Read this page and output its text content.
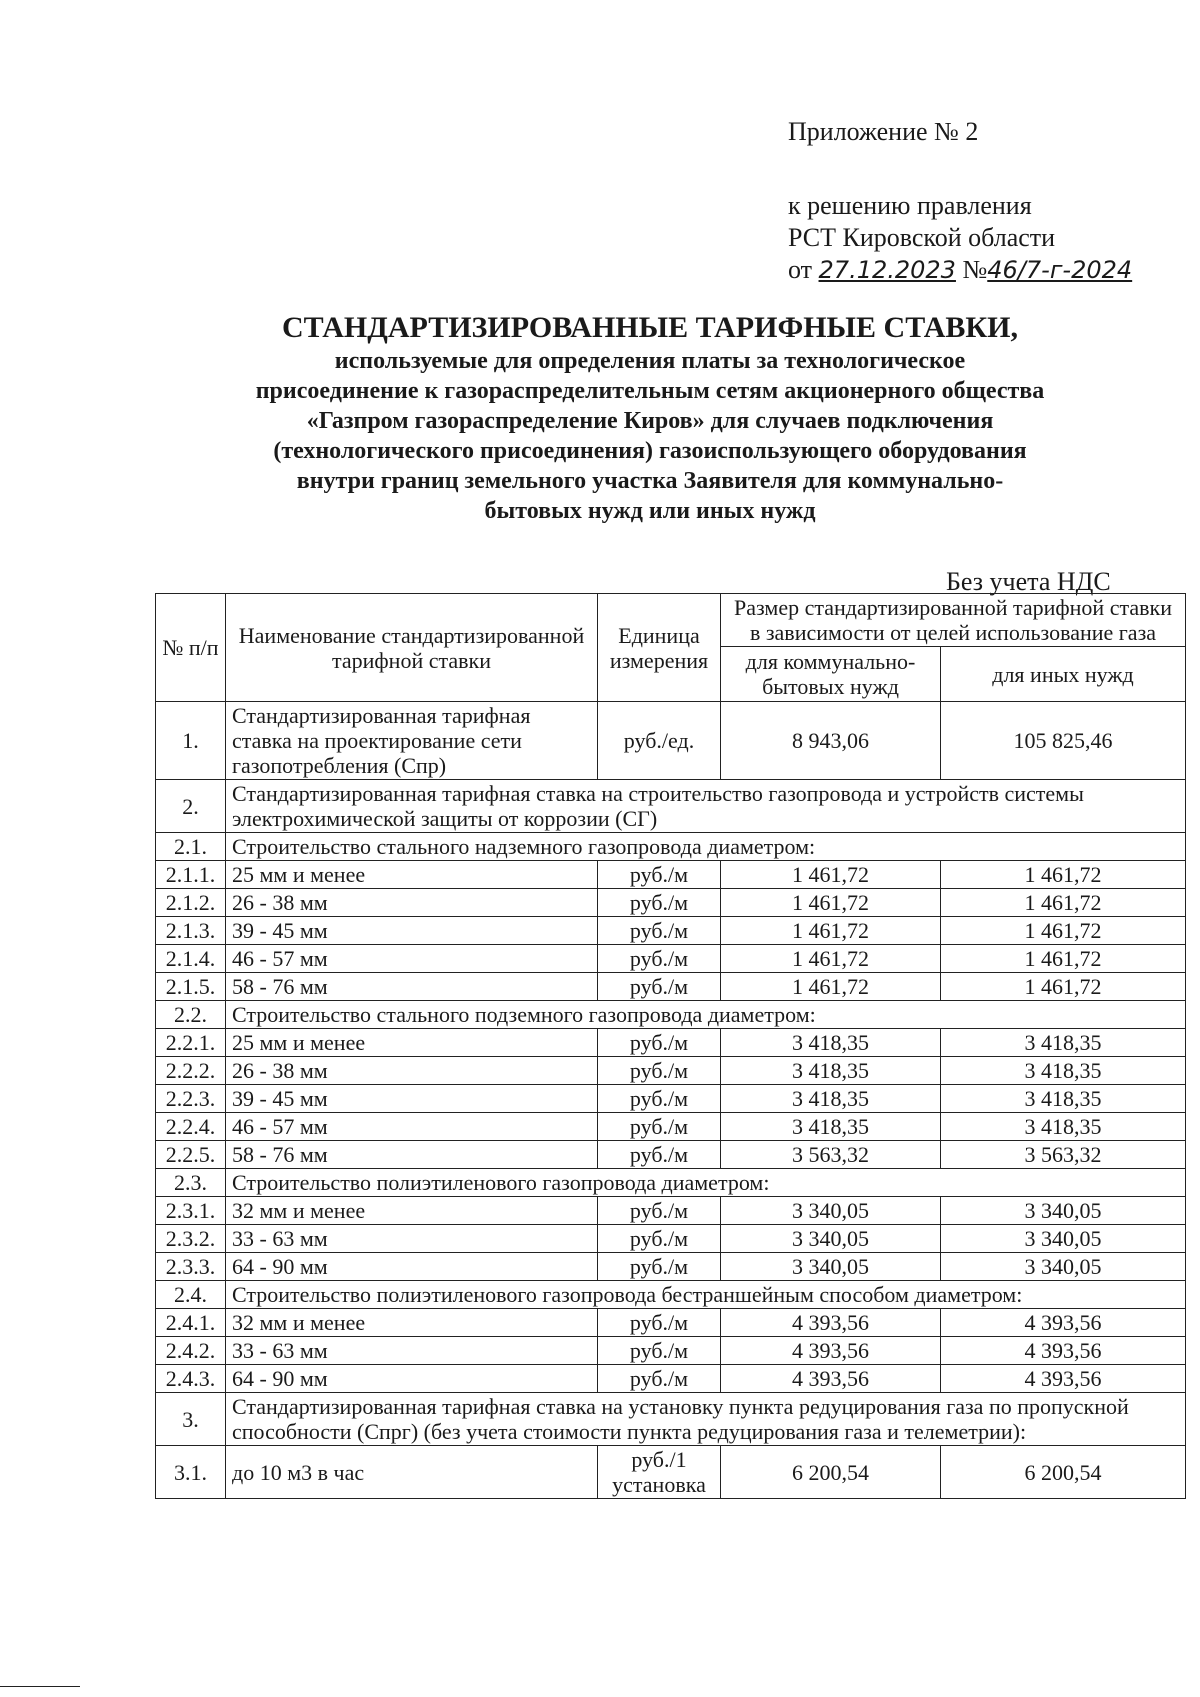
Приложение № 2
к решению правления
РСТ Кировской области
от 27.12.2023 №46/7-г-2024
СТАНДАРТИЗИРОВАННЫЕ ТАРИФНЫЕ СТАВКИ,
используемые для определения платы за технологическое
присоединение к газораспределительным сетям акционерного общества
«Газпром газораспределение Киров» для случаев подключения
(технологического присоединения) газоиспользующего оборудования
внутри границ земельного участка Заявителя для коммунально-
бытовых нужд или иных нужд
Без учета НДС
№ п/п	Наименование стандартизированной тарифной ставки	Единица измерения	Размер стандартизированной тарифной ставки в зависимости от целей использование газа	
			для коммунально-бытовых нужд	для иных нужд
1.	Стандартизированная тарифная ставка на проектирование сети газопотребления (Спр)	руб./ед.	8 943,06	105 825,46
2.	Стандартизированная тарифная ставка на строительство газопровода и устройств системы электрохимической защиты от коррозии (СГ)			
2.1.	Строительство стального надземного газопровода диаметром:			
2.1.1.	25 мм и менее	руб./м	1 461,72	1 461,72
2.1.2.	26 - 38 мм	руб./м	1 461,72	1 461,72
2.1.3.	39 - 45 мм	руб./м	1 461,72	1 461,72
2.1.4.	46 - 57 мм	руб./м	1 461,72	1 461,72
2.1.5.	58 - 76 мм	руб./м	1 461,72	1 461,72
2.2.	Строительство стального подземного газопровода диаметром:			
2.2.1.	25 мм и менее	руб./м	3 418,35	3 418,35
2.2.2.	26 - 38 мм	руб./м	3 418,35	3 418,35
2.2.3.	39 - 45 мм	руб./м	3 418,35	3 418,35
2.2.4.	46 - 57 мм	руб./м	3 418,35	3 418,35
2.2.5.	58 - 76 мм	руб./м	3 563,32	3 563,32
2.3.	Строительство полиэтиленового газопровода диаметром:			
2.3.1.	32 мм и менее	руб./м	3 340,05	3 340,05
2.3.2.	33 - 63 мм	руб./м	3 340,05	3 340,05
2.3.3.	64 - 90 мм	руб./м	3 340,05	3 340,05
2.4.	Строительство полиэтиленового газопровода бестраншейным способом диаметром:			
2.4.1.	32 мм и менее	руб./м	4 393,56	4 393,56
2.4.2.	33 - 63 мм	руб./м	4 393,56	4 393,56
2.4.3.	64 - 90 мм	руб./м	4 393,56	4 393,56
3.	Стандартизированная тарифная ставка на установку пункта редуцирования газа по пропускной способности (Спрг) (без учета стоимости пункта редуцирования газа и телеметрии):			
3.1.	до 10 м3 в час	руб./1 установка	6 200,54	6 200,54
